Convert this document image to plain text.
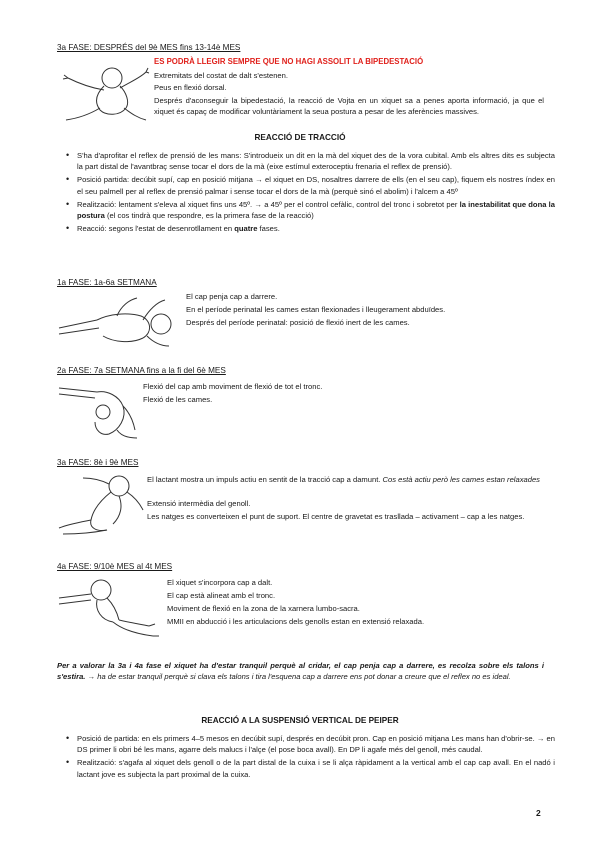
3a FASE: DESPRÉS del 9è MES fins 13-14è MES
ES PODRÀ LLEGIR SEMPRE QUE NO HAGI ASSOLIT LA BIPEDESTACIÓ
Extremitats del costat de dalt s'estenen.
Peus en flexió dorsal.
Després d'aconseguir la bipedestació, la reacció de Vojta en un xiquet sa a penes aporta informació, ja que el xiquet és capaç de modificar voluntàriament la seua postura a pesar de les aferències massives.
REACCIÓ DE TRACCIÓ
• S'ha d'aprofitar el reflex de prensió de les mans: S'introdueix un dit en la mà del xiquet des de la vora cubital. Amb els altres dits es subjecta la part distal de l'avantbraç sense tocar el dors de la mà (eixe estímul exteroceptiu frenaria el reflex de prensió).
• Posició partida: decúbit supí, cap en posició mitjana → el xiquet en DS, nosaltres darrere de ells (en el seu cap), fiquem els nostres índex en el seu palmell per al reflex de prensió palmar i sense tocar el dors de la mà (perquè sinó el abolim) i l'alcem a 45º
• Realització: lentament s'eleva al xiquet fins uns 45º. → a 45º per el control cefàlic, control del tronc i sobretot per la inestabilitat que dona la postura (el cos tindrà que respondre, es la primera fase de la reacció)
• Reacció: segons l'estat de desenrotllament en quatre fases.
1a FASE: 1a-6a SETMANA
El cap penja cap a darrere.
En el període perinatal les cames estan flexionades i lleugerament abduïdes.
Després del període perinatal: posició de flexió inert de les cames.
2a FASE: 7a SETMANA fins a la fi del 6è MES
Flexió del cap amb moviment de flexió de tot el tronc.
Flexió de les cames.
3a FASE: 8è i 9è MES
El lactant mostra un impuls actiu en sentit de la tracció cap a damunt. Cos està actiu però les cames estan relaxades
Extensió intermèdia del genoll.
Les natges es converteixen el punt de suport. El centre de gravetat es trasllada – activament – cap a les natges.
4a FASE: 9/10è MES al 4t MES
El xiquet s'incorpora cap a dalt.
El cap està alineat amb el tronc.
Moviment de flexió en la zona de la xarnera lumbo-sacra.
MMII en abducció i les articulacions dels genolls estan en extensió relaxada.
Per a valorar la 3a i 4a fase el xiquet ha d'estar tranquil perquè al cridar, el cap penja cap a darrere, es recolza sobre els talons i s'estira. → ha de estar tranquil perquè si clava els talons i tira l'esquena cap a darrere ens pot donar a creure que el reflex no es ideal.
REACCIÓ A LA SUSPENSIÓ VERTICAL DE PEIPER
• Posició de partida: en els primers 4–5 mesos en decúbit supí, després en decúbit pron. Cap en posició mitjana Les mans han d'obrir-se. → en DS primer li obri bé les mans, agarre dels malucs i l'alçe (el pose boca avall). En DP li agafe més del genoll, més caudal.
• Realització: s'agafa al xiquet dels genoll o de la part distal de la cuixa i se li alça ràpidament a la vertical amb el cap cap avall. En el nadó i lactant jove es subjecta la part proximal de la cuixa.
2
